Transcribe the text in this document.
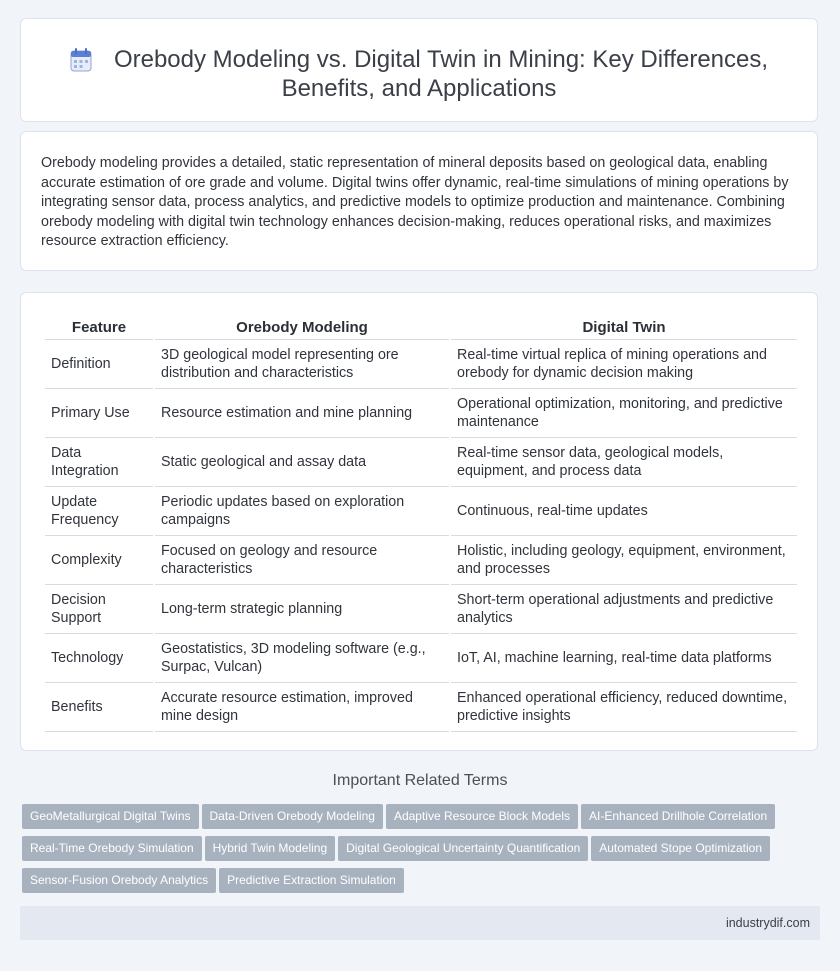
Orebody Modeling vs. Digital Twin in Mining: Key Differences, Benefits, and Applications
Orebody modeling provides a detailed, static representation of mineral deposits based on geological data, enabling accurate estimation of ore grade and volume. Digital twins offer dynamic, real-time simulations of mining operations by integrating sensor data, process analytics, and predictive models to optimize production and maintenance. Combining orebody modeling with digital twin technology enhances decision-making, reduces operational risks, and maximizes resource extraction efficiency.
Feature	Orebody Modeling	Digital Twin
Definition	3D geological model representing ore distribution and characteristics	Real-time virtual replica of mining operations and orebody for dynamic decision making
Primary Use	Resource estimation and mine planning	Operational optimization, monitoring, and predictive maintenance
Data Integration	Static geological and assay data	Real-time sensor data, geological models, equipment, and process data
Update Frequency	Periodic updates based on exploration campaigns	Continuous, real-time updates
Complexity	Focused on geology and resource characteristics	Holistic, including geology, equipment, environment, and processes
Decision Support	Long-term strategic planning	Short-term operational adjustments and predictive analytics
Technology	Geostatistics, 3D modeling software (e.g., Surpac, Vulcan)	IoT, AI, machine learning, real-time data platforms
Benefits	Accurate resource estimation, improved mine design	Enhanced operational efficiency, reduced downtime, predictive insights
Important Related Terms
GeoMetallurgical Digital Twins Data-Driven Orebody Modeling Adaptive Resource Block Models AI-Enhanced Drillhole CorrelationReal-Time Orebody Simulation Hybrid Twin Modeling Digital Geological Uncertainty Quantification Automated Stope OptimizationSensor-Fusion Orebody Analytics Predictive Extraction Simulation
industrydif.com
